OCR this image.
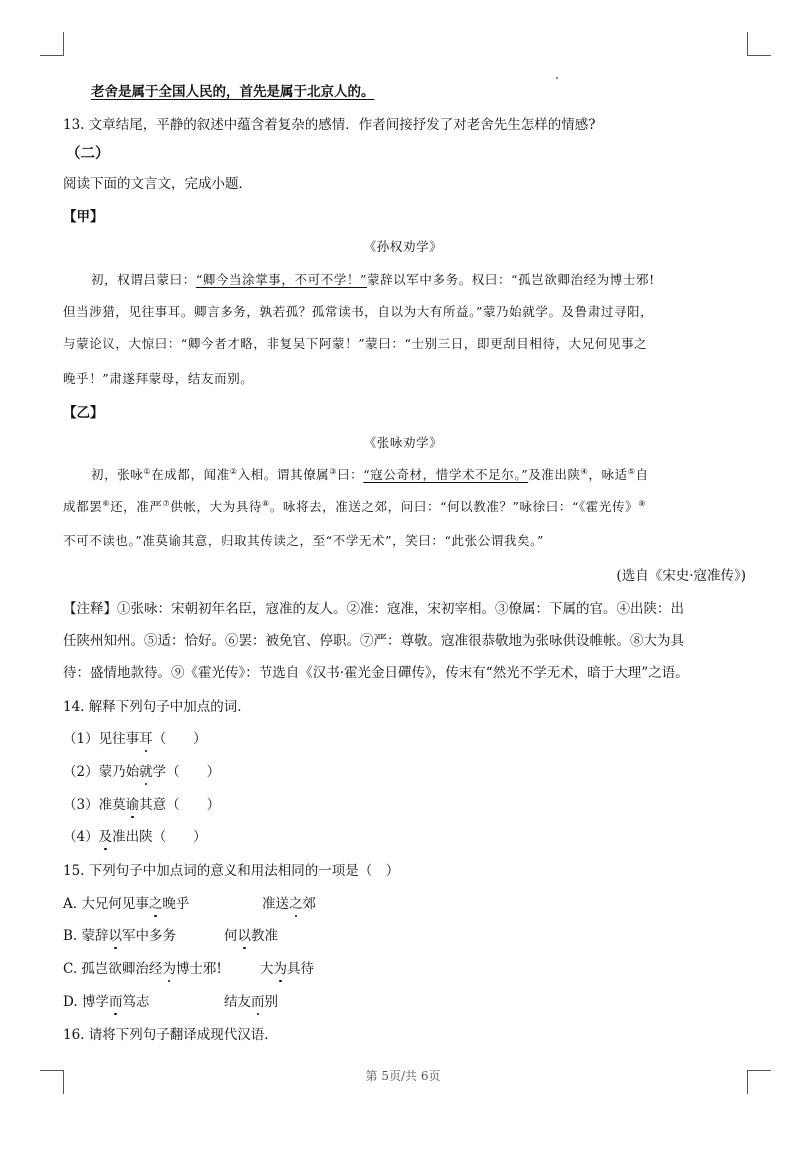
老舍是属于全国人民的，首先是属于北京人的。
13. 文章结尾，平静的叙述中蕴含着复杂的感情．作者间接抒发了对老舍先生怎样的情感?
（二）
阅读下面的文言文，完成小题．
【甲】
《孙权劝学》
初，权谓吕蒙曰：“卿今当涂掌事，不可不学！”蒙辞以军中多务。权曰：“孤岂欲卿治经为博士邪!
但当涉猎，见往事耳。卿言多务，孰若孤？孤常读书，自以为大有所益。”蒙乃始就学。及鲁肃过寻阳，
与蒙论议，大惊曰：“卿今者才略，非复吴下阿蒙！”蒙曰：“士别三日，即更刮目相待，大兄何见事之
晚乎！”肃遂拜蒙母，结友而别。
【乙】
《张咏劝学》
初，张咏①在成都，闻准②入相。谓其僚属③曰：“寇公奇材，惜学术不足尔。”及准出陕④，咏适⑤自
成都罢⑥还，准严⑦供帐，大为具待⑧。咏将去，准送之郊，问曰：“何以教准？”咏徐曰：“《霍光传》⑨
不可不读也。”准莫谕其意，归取其传读之，至“不学无术”，笑曰：“此张公谓我矣。”
(选自《宋史·寇准传》)
【注释】①张咏：宋朝初年名臣，寇准的友人。②准：寇准，宋初宰相。③僚属：下属的官。④出陕：出
任陕州知州。⑤适：恰好。⑥罢：被免官、停职。⑦严：尊敬。寇准很恭敬地为张咏供设帷帐。⑧大为具
待：盛情地款待。⑨《霍光传》：节选自《汉书·霍光金日磾传》，传末有“然光不学无术，暗于大理”之语。
14. 解释下列句子中加点的词．
（1）见往事耳（　　）
（2）蒙乃始就学（　　）
（3）准莫谕其意（　　）
（4）及准出陕（　　）
15. 下列句子中加点词的意义和用法相同的一项是（　）
A. 大兄何见事之晚乎	准送之郊
B. 蒙辞以军中多务	何以教准
C. 孤岂欲卿治经为博士邪!	大为具待
D. 博学而笃志	结友而别
16. 请将下列句子翻译成现代汉语．
第 5页/共 6页
